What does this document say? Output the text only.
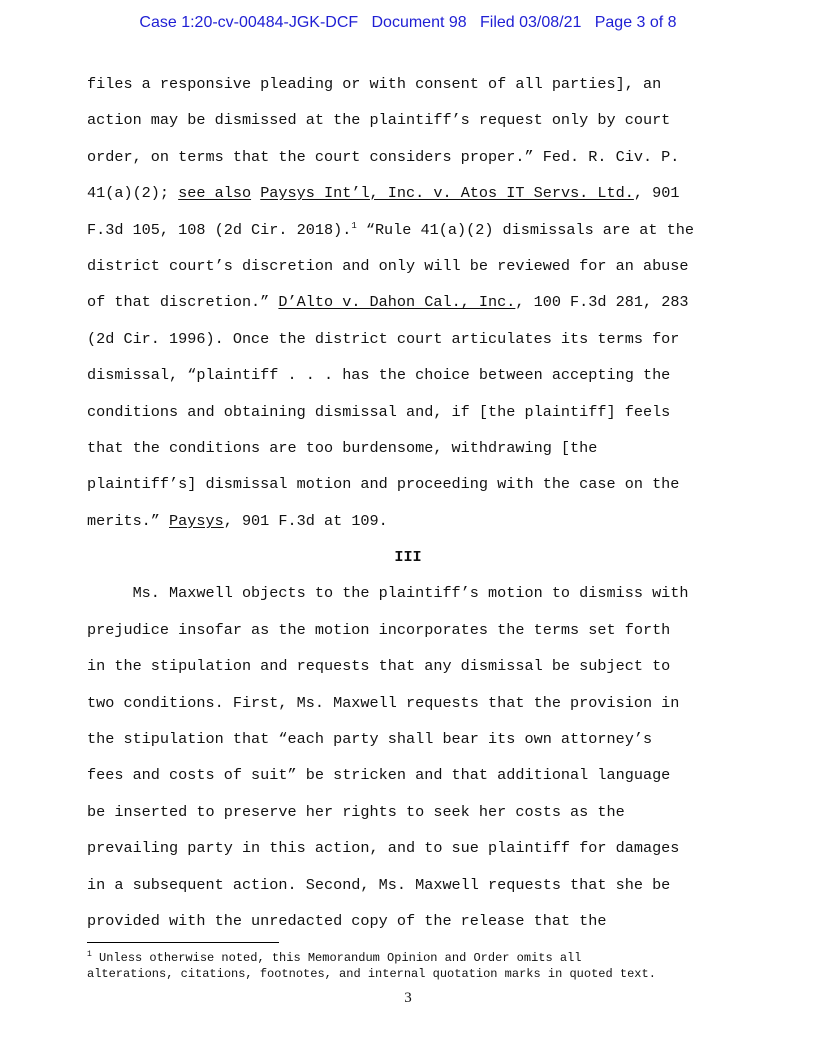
Case 1:20-cv-00484-JGK-DCF   Document 98   Filed 03/08/21   Page 3 of 8
files a responsive pleading or with consent of all parties], an
action may be dismissed at the plaintiff’s request only by court
order, on terms that the court considers proper.” Fed. R. Civ. P.
41(a)(2); see also Paysys Int’l, Inc. v. Atos IT Servs. Ltd., 901
F.3d 105, 108 (2d Cir. 2018).$^1$ “Rule 41(a)(2) dismissals are at the
district court’s discretion and only will be reviewed for an abuse
of that discretion.” D’Alto v. Dahon Cal., Inc., 100 F.3d 281, 283
(2d Cir. 1996). Once the district court articulates its terms for
dismissal, “plaintiff . . . has the choice between accepting the
conditions and obtaining dismissal and, if [the plaintiff] feels
that the conditions are too burdensome, withdrawing [the
plaintiff’s] dismissal motion and proceeding with the case on the
merits.” Paysys, 901 F.3d at 109.
III
Ms. Maxwell objects to the plaintiff’s motion to dismiss with
prejudice insofar as the motion incorporates the terms set forth
in the stipulation and requests that any dismissal be subject to
two conditions. First, Ms. Maxwell requests that the provision in
the stipulation that “each party shall bear its own attorney’s
fees and costs of suit” be stricken and that additional language
be inserted to preserve her rights to seek her costs as the
prevailing party in this action, and to sue plaintiff for damages
in a subsequent action. Second, Ms. Maxwell requests that she be
provided with the unredacted copy of the release that the
$^1$ Unless otherwise noted, this Memorandum Opinion and Order omits all
alterations, citations, footnotes, and internal quotation marks in quoted text.
3
